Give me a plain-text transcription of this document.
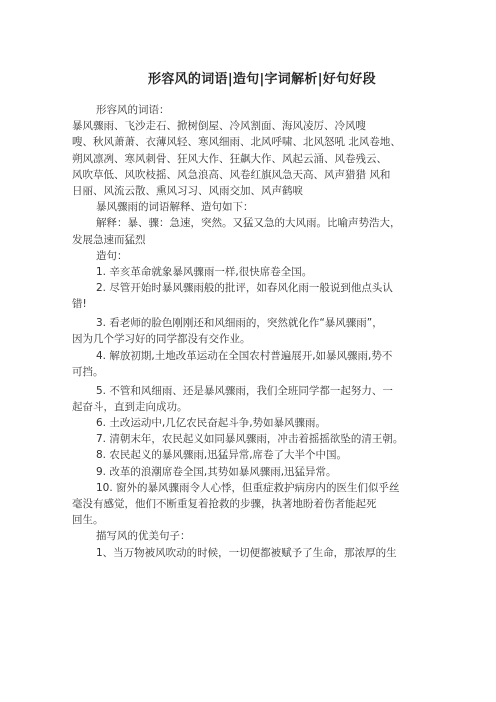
形容风的词语|造句|字词解析|好句好段

形容风的词语：

暴风骤雨、飞沙走石、掀树倒屋、冷风割面、海风凌厉、冷风嗖

嗖、秋风萧萧、衣薄风轻、寒风细雨、北风呼啸、北风怒吼 北风卷地、

朔风凛冽、寒风刺骨、狂风大作、狂飙大作、风起云涌、风卷残云、

风吹草低、风吹枝摇、风急浪高、风卷红旗风急天高、风声猎猎 风和

日丽、风流云散、熏风习习、风雨交加、风声鹤唳

暴风骤雨的词语解释、造句如下：

解释：暴、骤：急速，突然。又猛又急的大风雨。比喻声势浩大，

发展急速而猛烈

造句：

1. 辛亥革命就象暴风骤雨一样,很快席卷全国。

2. 尽管开始时暴风骤雨般的批评，如春风化雨一般说到他点头认

错!

3. 看老师的脸色刚刚还和风细雨的，突然就化作“暴风骤雨”，

因为几个学习好的同学都没有交作业。

4. 解放初期,土地改革运动在全国农村普遍展开,如暴风骤雨,势不

可挡。

5. 不管和风细雨、还是暴风骤雨，我们全班同学都一起努力、一

起奋斗，直到走向成功。

6. 土改运动中,几亿农民奋起斗争,势如暴风骤雨。

7. 清朝末年，农民起义如同暴风骤雨，冲击着摇摇欲坠的清王朝。

8. 农民起义的暴风骤雨,迅猛异常,席卷了大半个中国。

9. 改革的浪潮席卷全国,其势如暴风骤雨,迅猛异常。

10. 窗外的暴风骤雨令人心悸，但重症救护病房内的医生们似乎丝

毫没有感觉，他们不断重复着抢救的步骤，执著地盼着伤者能起死

回生。

描写风的优美句子：

1、当万物被风吹动的时候，一切便都被赋予了生命，那浓厚的生
